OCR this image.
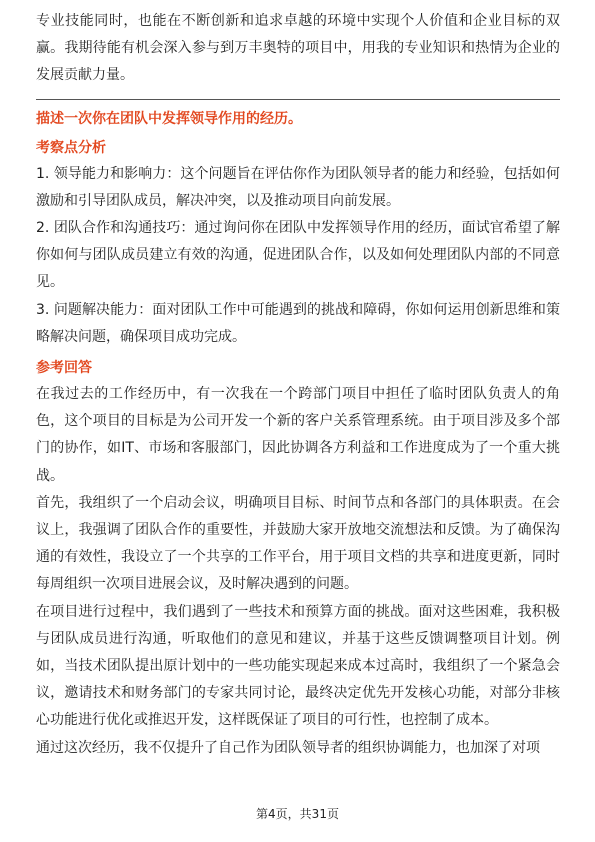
专业技能同时，也能在不断创新和追求卓越的环境中实现个人价值和企业目标的双赢。我期待能有机会深入参与到万丰奥特的项目中，用我的专业知识和热情为企业的发展贡献力量。

描述一次你在团队中发挥领导作用的经历。

考察点分析

1. 领导能力和影响力：这个问题旨在评估你作为团队领导者的能力和经验，包括如何激励和引导团队成员，解决冲突，以及推动项目向前发展。

2. 团队合作和沟通技巧：通过询问你在团队中发挥领导作用的经历，面试官希望了解你如何与团队成员建立有效的沟通，促进团队合作，以及如何处理团队内部的不同意见。

3. 问题解决能力：面对团队工作中可能遇到的挑战和障碍，你如何运用创新思维和策略解决问题，确保项目成功完成。

参考回答

在我过去的工作经历中，有一次我在一个跨部门项目中担任了临时团队负责人的角色，这个项目的目标是为公司开发一个新的客户关系管理系统。由于项目涉及多个部门的协作，如IT、市场和客服部门，因此协调各方利益和工作进度成为了一个重大挑战。

首先，我组织了一个启动会议，明确项目目标、时间节点和各部门的具体职责。在会议上，我强调了团队合作的重要性，并鼓励大家开放地交流想法和反馈。为了确保沟通的有效性，我设立了一个共享的工作平台，用于项目文档的共享和进度更新，同时每周组织一次项目进展会议，及时解决遇到的问题。

在项目进行过程中，我们遇到了一些技术和预算方面的挑战。面对这些困难，我积极与团队成员进行沟通，听取他们的意见和建议，并基于这些反馈调整项目计划。例如，当技术团队提出原计划中的一些功能实现起来成本过高时，我组织了一个紧急会议，邀请技术和财务部门的专家共同讨论，最终决定优先开发核心功能，对部分非核心功能进行优化或推迟开发，这样既保证了项目的可行性，也控制了成本。

通过这次经历，我不仅提升了自己作为团队领导者的组织协调能力，也加深了对项

第4页，共31页
